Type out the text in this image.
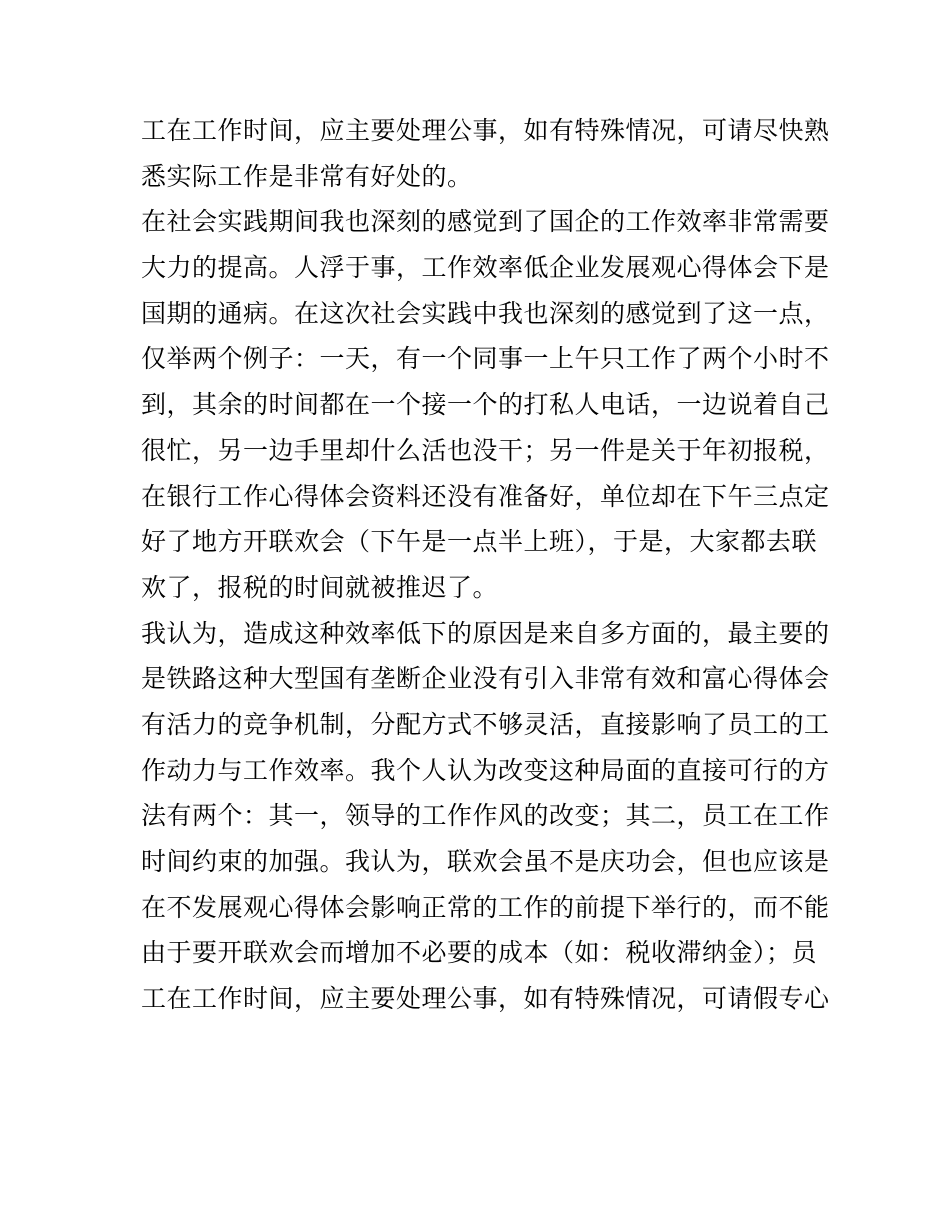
工在工作时间，应主要处理公事，如有特殊情况，可请尽快熟
悉实际工作是非常有好处的。
在社会实践期间我也深刻的感觉到了国企的工作效率非常需要
大力的提高。人浮于事，工作效率低企业发展观心得体会下是
国期的通病。在这次社会实践中我也深刻的感觉到了这一点，
仅举两个例子：一天，有一个同事一上午只工作了两个小时不
到，其余的时间都在一个接一个的打私人电话，一边说着自己
很忙，另一边手里却什么活也没干；另一件是关于年初报税，
在银行工作心得体会资料还没有准备好，单位却在下午三点定
好了地方开联欢会（下午是一点半上班），于是，大家都去联
欢了，报税的时间就被推迟了。
我认为，造成这种效率低下的原因是来自多方面的，最主要的
是铁路这种大型国有垄断企业没有引入非常有效和富心得体会
有活力的竞争机制，分配方式不够灵活，直接影响了员工的工
作动力与工作效率。我个人认为改变这种局面的直接可行的方
法有两个：其一，领导的工作作风的改变；其二，员工在工作
时间约束的加强。我认为，联欢会虽不是庆功会，但也应该是
在不发展观心得体会影响正常的工作的前提下举行的，而不能
由于要开联欢会而增加不必要的成本（如：税收滞纳金）；员
工在工作时间，应主要处理公事，如有特殊情况，可请假专心
